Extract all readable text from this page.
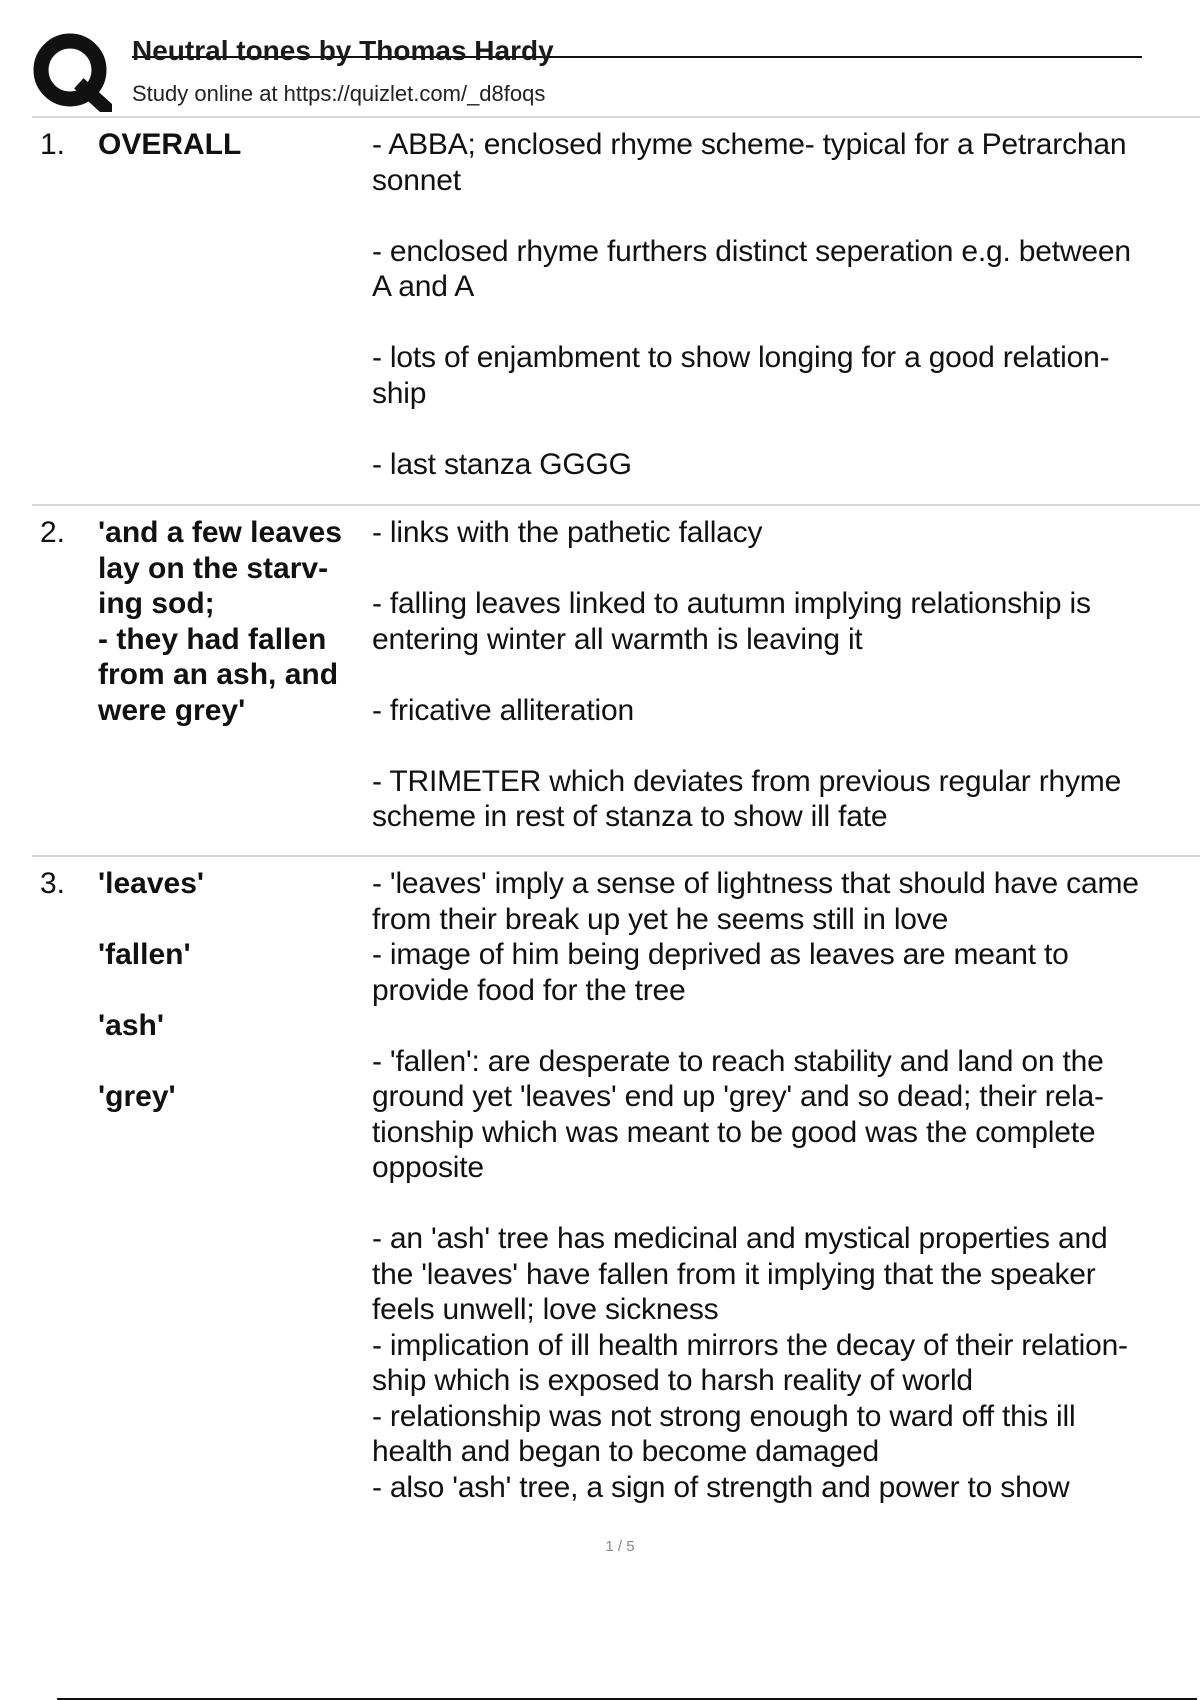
Neutral tones by Thomas Hardy
Study online at https://quizlet.com/_d8foqs
1. OVERALL	- ABBA; enclosed rhyme scheme- typical for a Petrarchan
sonnet

- enclosed rhyme furthers distinct seperation e.g. between
A and A

- lots of enjambment to show longing for a good relation-
ship

- last stanza GGGG

2. 'and a few leaves lay on the starv-
ing sod;
- they had fallen from an ash, and were grey'

- links with the pathetic fallacy

- falling leaves linked to autumn implying relationship is
entering winter all warmth is leaving it

- fricative alliteration

- TRIMETER which deviates from previous regular rhyme
scheme in rest of stanza to show ill fate

3. 'leaves'

'fallen'

'ash'

'grey'

- 'leaves' imply a sense of lightness that should have came
from their break up yet he seems still in love
- image of him being deprived as leaves are meant to
provide food for the tree

- 'fallen': are desperate to reach stability and land on the
ground yet 'leaves' end up 'grey' and so dead; their rela-
tionship which was meant to be good was the complete
opposite

- an 'ash' tree has medicinal and mystical properties and
the 'leaves' have fallen from it implying that the speaker
feels unwell; love sickness
- implication of ill health mirrors the decay of their relation-
ship which is exposed to harsh reality of world
- relationship was not strong enough to ward off this ill
health and began to become damaged
- also 'ash' tree, a sign of strength and power to show

1 / 5
